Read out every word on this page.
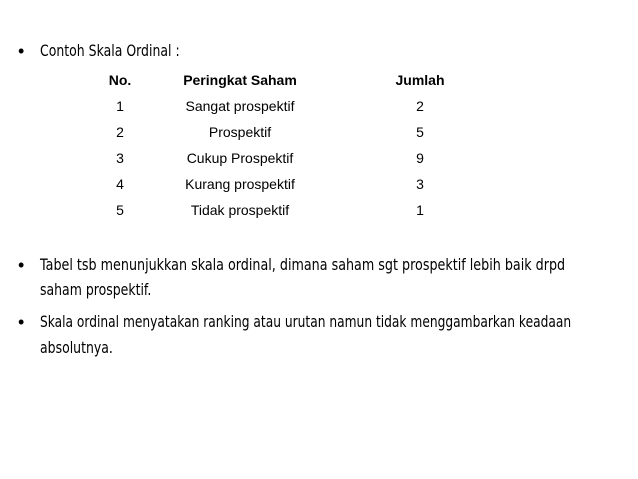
• Contoh Skala Ordinal :
No.	Peringkat Saham	Jumlah
1	Sangat prospektif	2
2	Prospektif	5
3	Cukup Prospektif	9
4	Kurang prospektif	3
5	Tidak prospektif	1
• Tabel tsb menunjukkan skala ordinal, dimana saham sgt prospektif lebih baik drpd
saham prospektif.
• Skala ordinal menyatakan ranking atau urutan namun tidak menggambarkan keadaan
absolutnya.
